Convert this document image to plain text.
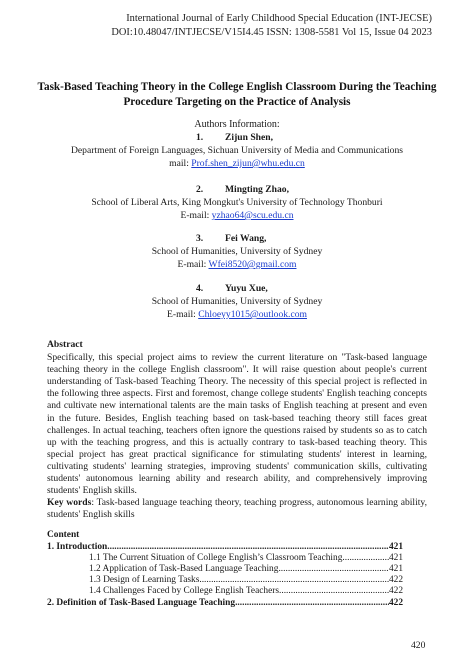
International Journal of Early Childhood Special Education (INT-JECSE)
DOI:10.48047/INTJECSE/V15I4.45 ISSN: 1308-5581 Vol 15, Issue 04 2023
Task-Based Teaching Theory in the College English Classroom During the Teaching
Procedure Targeting on the Practice of Analysis
Authors Information:
1. Zijun Shen,
Department of Foreign Languages, Sichuan University of Media and Communications
mail: Prof.shen_zijun@whu.edu.cn
2. Mingting Zhao,
School of Liberal Arts, King Mongkut's University of Technology Thonburi
E-mail: yzhao64@scu.edu.cn
3. Fei Wang,
School of Humanities, University of Sydney
E-mail: Wfei8520@gmail.com
4. Yuyu Xue,
School of Humanities, University of Sydney
E-mail: Chloeyy1015@outlook.com
Abstract

Specifically, this special project aims to review the current literature on "Task-based language teaching theory in the college English classroom". It will raise question about people's current understanding of Task-based Teaching Theory. The necessity of this special project is reflected in the following three aspects. First and foremost, change college students' English teaching concepts and cultivate new international talents are the main tasks of English teaching at present and even in the future. Besides, English teaching based on task-based teaching theory still faces great challenges. In actual teaching, teachers often ignore the questions raised by students so as to catch up with the teaching progress, and this is actually contrary to task-based teaching theory. This special project has great practical significance for stimulating students' interest in learning, cultivating students' learning strategies, improving students' communication skills, cultivating students' autonomous learning ability and research ability, and comprehensively improving students' English skills.

Key words: Task-based language teaching theory, teaching progress, autonomous learning ability, students' English skills

Content
1. Introduction .....	421
1.1 The Current Situation of College English’s Classroom Teaching .....	421
1.2 Application of Task-Based Language Teaching .....	421
1.3 Design of Learning Tasks .....	422
1.4 Challenges Faced by College English Teachers .....	422
2. Definition of Task-Based Language Teaching .....	422
420
